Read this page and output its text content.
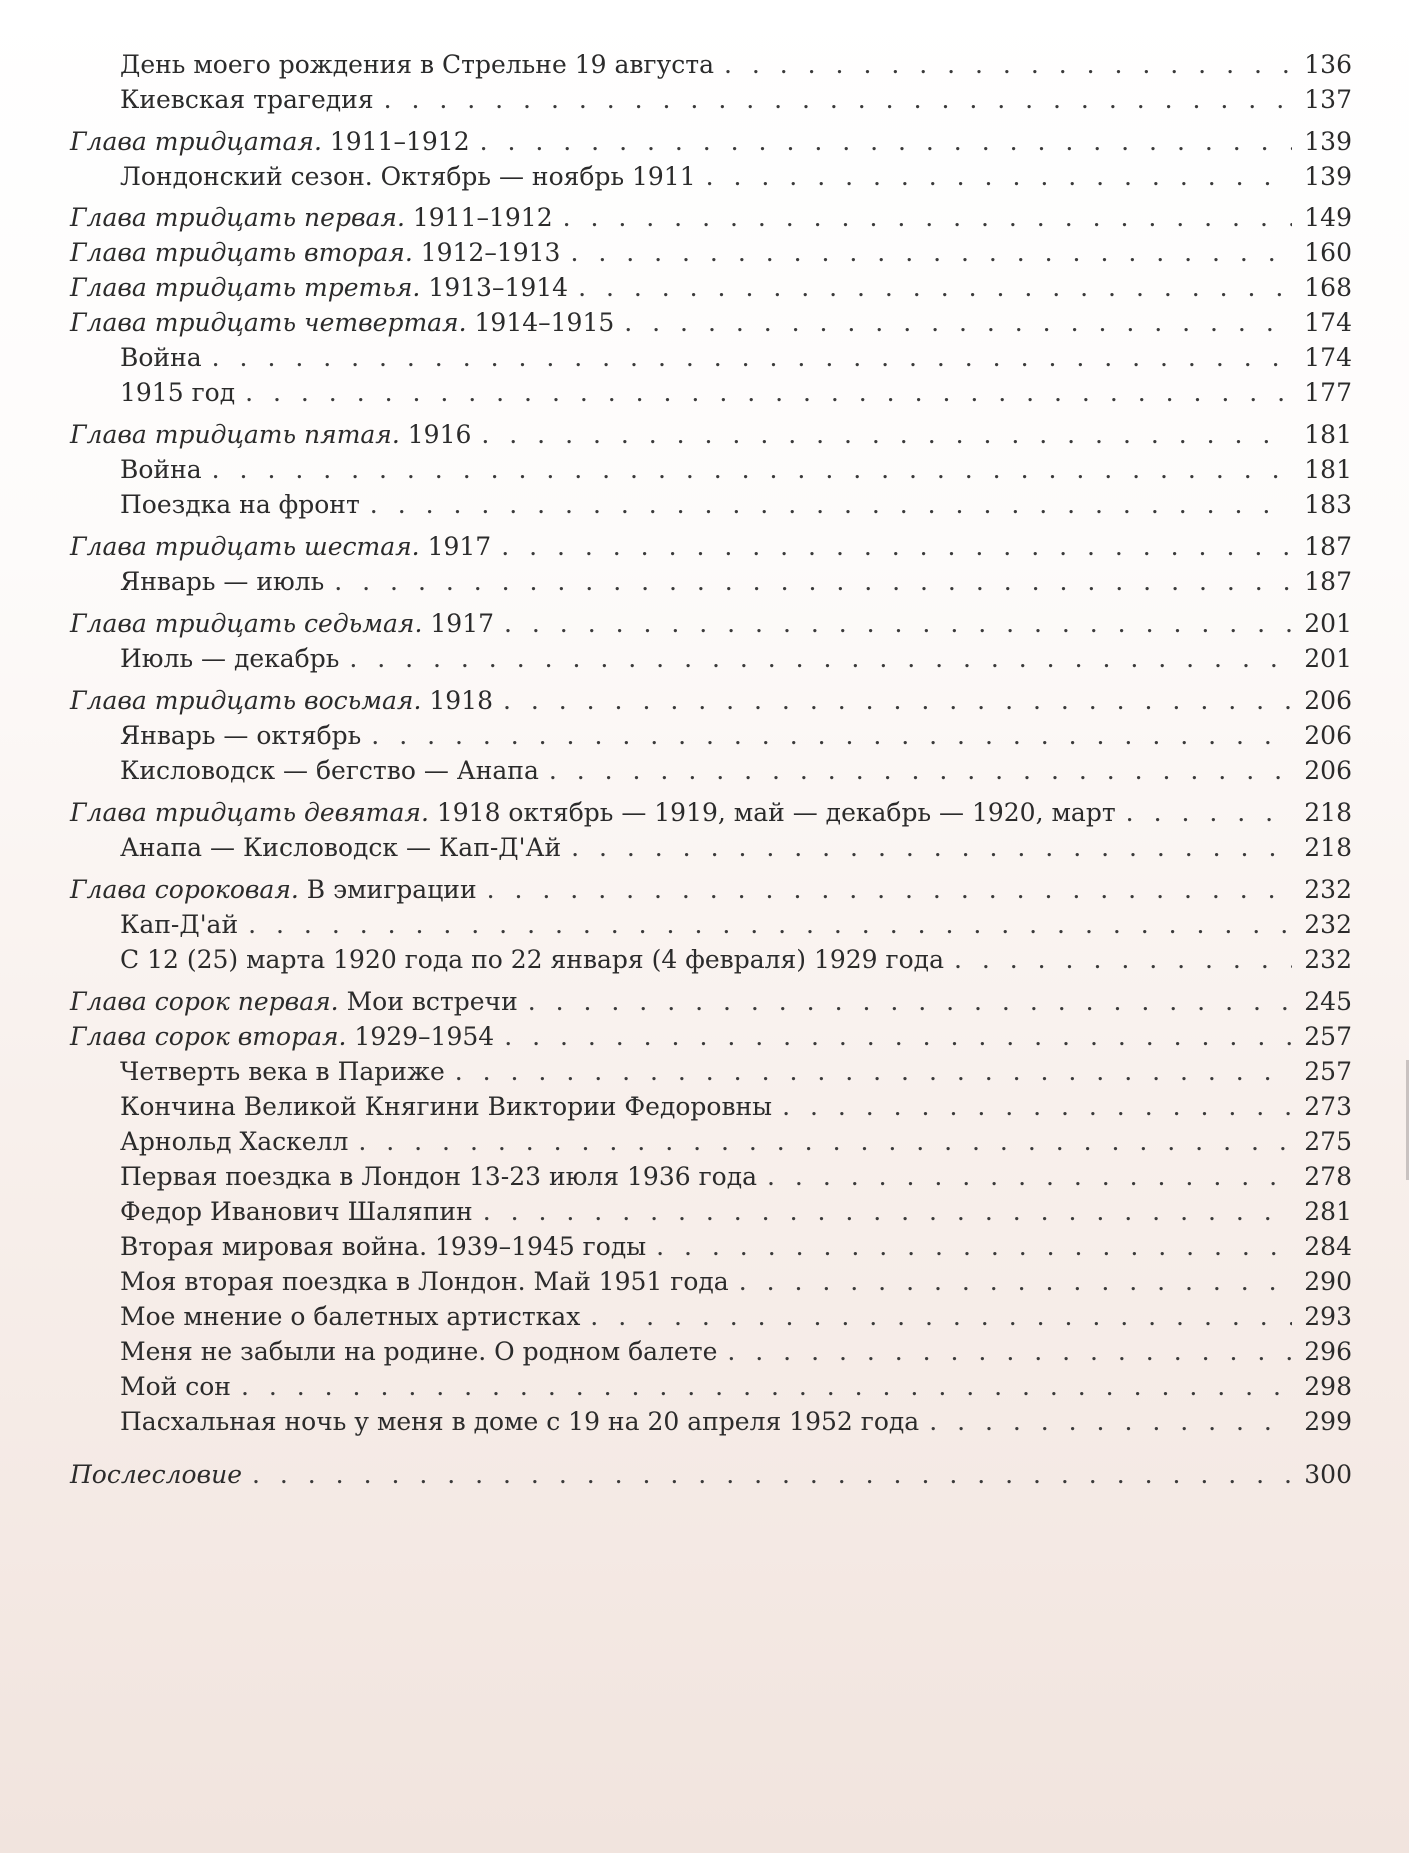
День моего рождения в Стрельне 19 августа . . .	136
Киевская трагедия . . .	137
Глава тридцатая. 1911–1912 . . .	139
Лондонский сезон. Октябрь — ноябрь 1911 . . .	139
Глава тридцать первая. 1911–1912 . . .	149
Глава тридцать вторая. 1912–1913 . . .	160
Глава тридцать третья. 1913–1914 . . .	168
Глава тридцать четвертая. 1914–1915 . . .	174
Война . . .	174
1915 год . . .	177
Глава тридцать пятая. 1916 . . .	181
Война . . .	181
Поездка на фронт . . .	183
Глава тридцать шестая. 1917 . . .	187
Январь — июль . . .	187
Глава тридцать седьмая. 1917 . . .	201
Июль — декабрь . . .	201
Глава тридцать восьмая. 1918 . . .	206
Январь — октябрь . . .	206
Кисловодск — бегство — Анапа . . .	206
Глава тридцать девятая. 1918 октябрь — 1919, май — декабрь — 1920, март . . .	218
Анапа — Кисловодск — Кап-Д'Ай . . .	218
Глава сороковая. В эмиграции . . .	232
Кап-Д'ай . . .	232
С 12 (25) марта 1920 года по 22 января (4 февраля) 1929 года . . .	232
Глава сорок первая. Мои встречи . . .	245
Глава сорок вторая. 1929–1954 . . .	257
Четверть века в Париже . . .	257
Кончина Великой Княгини Виктории Федоровны . . .	273
Арнольд Хаскелл . . .	275
Первая поездка в Лондон 13-23 июля 1936 года . . .	278
Федор Иванович Шаляпин . . .	281
Вторая мировая война. 1939–1945 годы . . .	284
Моя вторая поездка в Лондон. Май 1951 года . . .	290
Мое мнение о балетных артистках . . .	293
Меня не забыли на родине. О родном балете . . .	296
Мой сон . . .	298
Пасхальная ночь у меня в доме с 19 на 20 апреля 1952 года . . .	299
Послесловие . . .	300
